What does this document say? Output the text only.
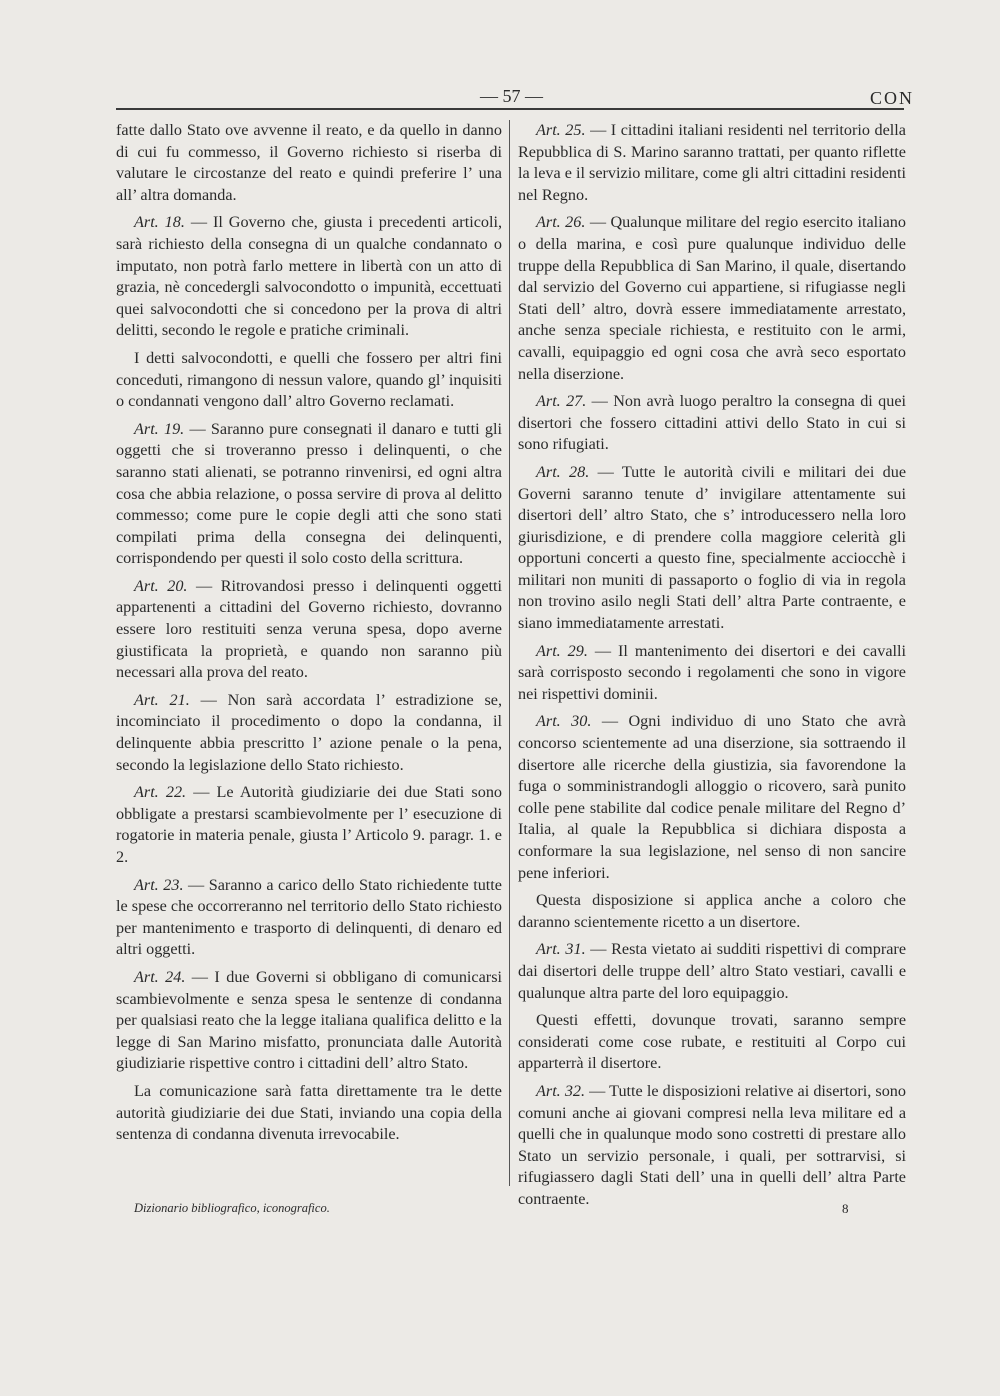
— 57 —	CON

fatte dallo Stato ove avvenne il reato, e da quello in danno di cui fu commesso, il Governo richiesto si riserba di valutare le circostanze del reato e quindi preferire l’ una all’ altra domanda.

Art. 18. — Il Governo che, giusta i precedenti articoli, sarà richiesto della consegna di un qualche condannato o imputato, non potrà farlo mettere in libertà con un atto di grazia, nè concedergli salvocondotto o impunità, eccettuati quei salvocondotti che si concedono per la prova di altri delitti, secondo le regole e pratiche criminali.

I detti salvocondotti, e quelli che fossero per altri fini conceduti, rimangono di nessun valore, quando gl’ inquisiti o condannati vengono dall’ altro Governo reclamati.

Art. 19. — Saranno pure consegnati il danaro e tutti gli oggetti che si troveranno presso i delinquenti, o che saranno stati alienati, se potranno rinvenirsi, ed ogni altra cosa che abbia relazione, o possa servire di prova al delitto commesso; come pure le copie degli atti che sono stati compilati prima della consegna dei delinquenti, corrispondendo per questi il solo costo della scrittura.

Art. 20. — Ritrovandosi presso i delinquenti oggetti appartenenti a cittadini del Governo richiesto, dovranno essere loro restituiti senza veruna spesa, dopo averne giustificata la proprietà, e quando non saranno più necessari alla prova del reato.

Art. 21. — Non sarà accordata l’ estradizione se, incominciato il procedimento o dopo la condanna, il delinquente abbia prescritto l’ azione penale o la pena, secondo la legislazione dello Stato richiesto.

Art. 22. — Le Autorità giudiziarie dei due Stati sono obbligate a prestarsi scambievolmente per l’ esecuzione di rogatorie in materia penale, giusta l’ Articolo 9. paragr. 1. e 2.

Art. 23. — Saranno a carico dello Stato richiedente tutte le spese che occorreranno nel territorio dello Stato richiesto per mantenimento e trasporto di delinquenti, di denaro ed altri oggetti.

Art. 24. — I due Governi si obbligano di comunicarsi scambievolmente e senza spesa le sentenze di condanna per qualsiasi reato che la legge italiana qualifica delitto e la legge di San Marino misfatto, pronunciata dalle Autorità giudiziarie rispettive contro i cittadini dell’ altro Stato.

La comunicazione sarà fatta direttamente tra le dette autorità giudiziarie dei due Stati, inviando una copia della sentenza di condanna divenuta irrevocabile.

Art. 25. — I cittadini italiani residenti nel territorio della Repubblica di S. Marino saranno trattati, per quanto riflette la leva e il servizio militare, come gli altri cittadini residenti nel Regno.

Art. 26. — Qualunque militare del regio esercito italiano o della marina, e così pure qualunque individuo delle truppe della Repubblica di San Marino, il quale, disertando dal servizio del Governo cui appartiene, si rifugiasse negli Stati dell’ altro, dovrà essere immediatamente arrestato, anche senza speciale richiesta, e restituito con le armi, cavalli, equipaggio ed ogni cosa che avrà seco esportato nella diserzione.

Art. 27. — Non avrà luogo peraltro la consegna di quei disertori che fossero cittadini attivi dello Stato in cui si sono rifugiati.

Art. 28. — Tutte le autorità civili e militari dei due Governi saranno tenute d’ invigilare attentamente sui disertori dell’ altro Stato, che s’ introducessero nella loro giurisdizione, e di prendere colla maggiore celerità gli opportuni concerti a questo fine, specialmente acciocchè i militari non muniti di passaporto o foglio di via in regola non trovino asilo negli Stati dell’ altra Parte contraente, e siano immediatamente arrestati.

Art. 29. — Il mantenimento dei disertori e dei cavalli sarà corrisposto secondo i regolamenti che sono in vigore nei rispettivi dominii.

Art. 30. — Ogni individuo di uno Stato che avrà concorso scientemente ad una diserzione, sia sottraendo il disertore alle ricerche della giustizia, sia favorendone la fuga o somministrandogli alloggio o ricovero, sarà punito colle pene stabilite dal codice penale militare del Regno d’ Italia, al quale la Repubblica si dichiara disposta a conformare la sua legislazione, nel senso di non sancire pene inferiori.

Questa disposizione si applica anche a coloro che daranno scientemente ricetto a un disertore.

Art. 31. — Resta vietato ai sudditi rispettivi di comprare dai disertori delle truppe dell’ altro Stato vestiari, cavalli e qualunque altra parte del loro equipaggio.

Questi effetti, dovunque trovati, saranno sempre considerati come cose rubate, e restituiti al Corpo cui apparterrà il disertore.

Art. 32. — Tutte le disposizioni relative ai disertori, sono comuni anche ai giovani compresi nella leva militare ed a quelli che in qualunque modo sono costretti di prestare allo Stato un servizio personale, i quali, per sottrarvisi, si rifugiassero dagli Stati dell’ una in quelli dell’ altra Parte contraente.

Dizionario bibliografico, iconografico.	8
